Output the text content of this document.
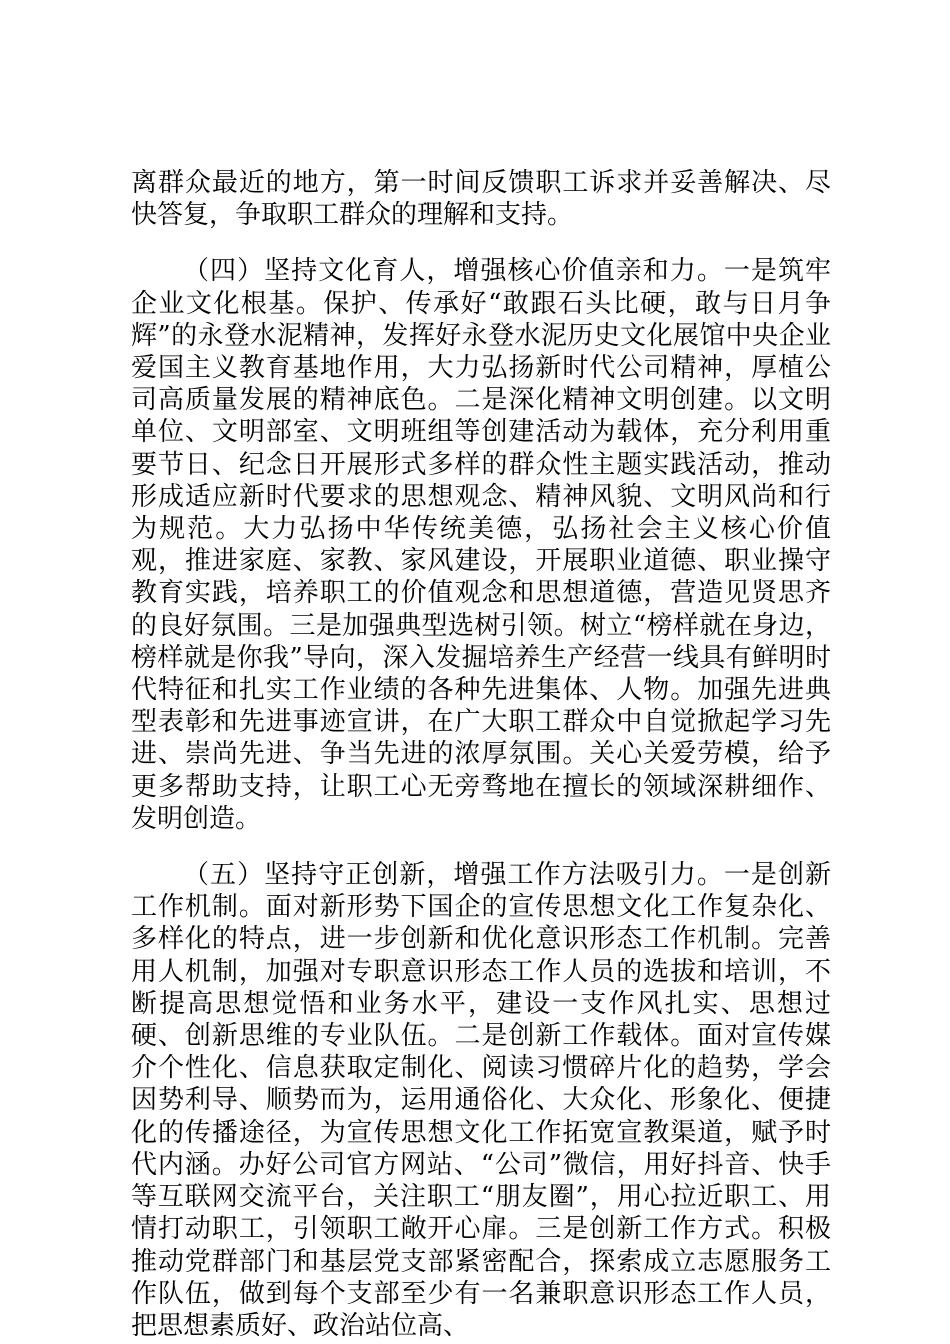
离群众最近的地方，第一时间反馈职工诉求并妥善解决、尽快答复，争取职工群众的理解和支持。

（四）坚持文化育人，增强核心价值亲和力。一是筑牢企业文化根基。保护、传承好“敢跟石头比硬，敢与日月争辉”的永登水泥精神，发挥好永登水泥历史文化展馆中央企业爱国主义教育基地作用，大力弘扬新时代公司精神，厚植公司高质量发展的精神底色。二是深化精神文明创建。以文明单位、文明部室、文明班组等创建活动为载体，充分利用重要节日、纪念日开展形式多样的群众性主题实践活动，推动形成适应新时代要求的思想观念、精神风貌、文明风尚和行为规范。大力弘扬中华传统美德，弘扬社会主义核心价值观，推进家庭、家教、家风建设，开展职业道德、职业操守教育实践，培养职工的价值观念和思想道德，营造见贤思齐的良好氛围。三是加强典型选树引领。树立“榜样就在身边，榜样就是你我”导向，深入发掘培养生产经营一线具有鲜明时代特征和扎实工作业绩的各种先进集体、人物。加强先进典型表彰和先进事迹宣讲，在广大职工群众中自觉掀起学习先进、崇尚先进、争当先进的浓厚氛围。关心关爱劳模，给予更多帮助支持，让职工心无旁骛地在擅长的领域深耕细作、发明创造。

（五）坚持守正创新，增强工作方法吸引力。一是创新工作机制。面对新形势下国企的宣传思想文化工作复杂化、多样化的特点，进一步创新和优化意识形态工作机制。完善用人机制，加强对专职意识形态工作人员的选拔和培训，不断提高思想觉悟和业务水平，建设一支作风扎实、思想过硬、创新思维的专业队伍。二是创新工作载体。面对宣传媒介个性化、信息获取定制化、阅读习惯碎片化的趋势，学会因势利导、顺势而为，运用通俗化、大众化、形象化、便捷化的传播途径，为宣传思想文化工作拓宽宣教渠道，赋予时代内涵。办好公司官方网站、“公司”微信，用好抖音、快手等互联网交流平台，关注职工“朋友圈”，用心拉近职工、用情打动职工，引领职工敞开心扉。三是创新工作方式。积极推动党群部门和基层党支部紧密配合，探索成立志愿服务工作队伍，做到每个支部至少有一名兼职意识形态工作人员，把思想素质好、政治站位高、
